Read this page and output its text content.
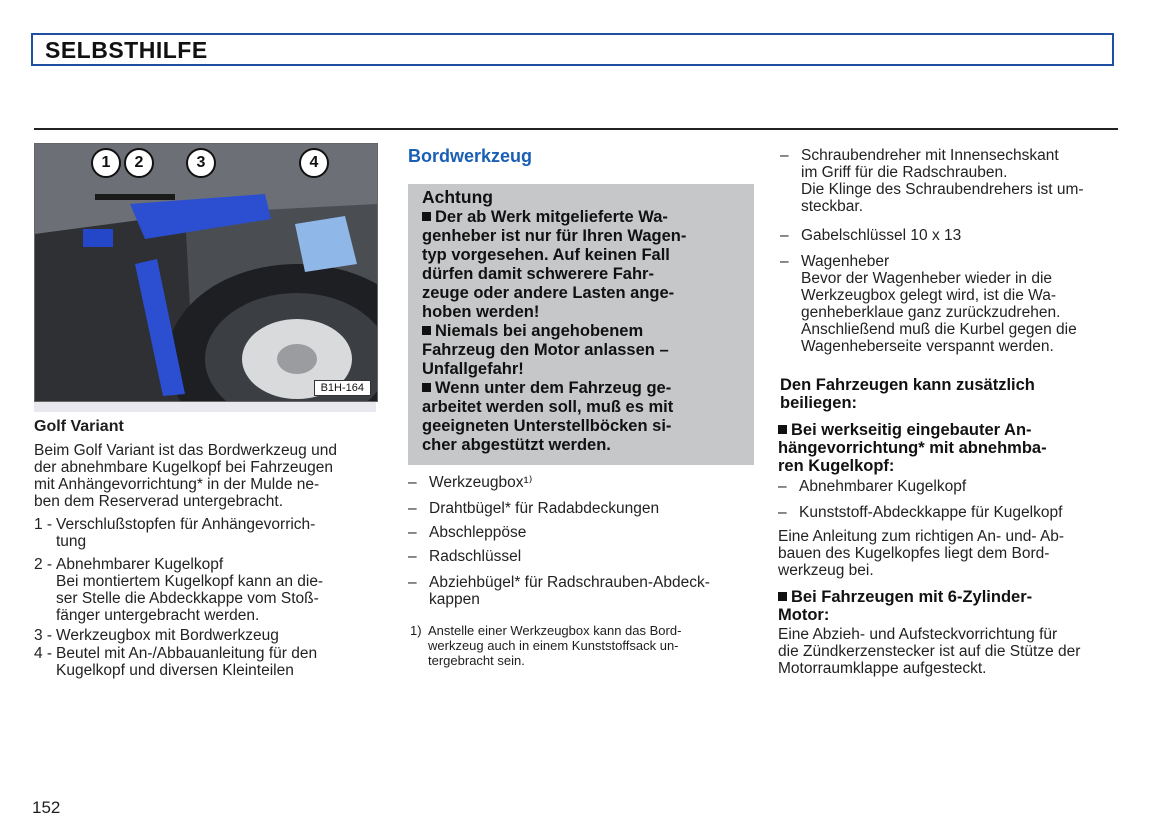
SELBSTHILFE
1	2	3	4
B1H-164
Golf Variant
Beim Golf Variant ist das Bordwerkzeug und
der abnehmbare Kugelkopf bei Fahrzeugen
mit Anhängevorrichtung* in der Mulde ne-
ben dem Reserverad untergebracht.
1 - Verschlußstopfen für Anhängevorrich-
tung
2 - Abnehmbarer Kugelkopf
Bei montiertem Kugelkopf kann an die-
ser Stelle die Abdeckkappe vom Stoß-
fänger untergebracht werden.
3 - Werkzeugbox mit Bordwerkzeug
4 - Beutel mit An-/Abbauanleitung für den
Kugelkopf und diversen Kleinteilen
Bordwerkzeug
Achtung
Der ab Werk mitgelieferte Wa-
genheber ist nur für Ihren Wagen-
typ vorgesehen. Auf keinen Fall
dürfen damit schwerere Fahr-
zeuge oder andere Lasten ange-
hoben werden!
Niemals bei angehobenem
Fahrzeug den Motor anlassen –
Unfallgefahr!
Wenn unter dem Fahrzeug ge-
arbeitet werden soll, muß es mit
geeigneten Unterstellböcken si-
cher abgestützt werden.
– Werkzeugbox¹⁾
– Drahtbügel* für Radabdeckungen
– Abschleppöse
– Radschlüssel
– Abziehbügel* für Radschrauben-Abdeck-
kappen
1) Anstelle einer Werkzeugbox kann das Bord-
werkzeug auch in einem Kunststoffsack un-
tergebracht sein.
– Schraubendreher mit Innensechskant
im Griff für die Radschrauben.
Die Klinge des Schraubendrehers ist um-
steckbar.
– Gabelschlüssel 10 x 13
– Wagenheber
Bevor der Wagenheber wieder in die
Werkzeugbox gelegt wird, ist die Wa-
genheberklaue ganz zurückzudrehen.
Anschließend muß die Kurbel gegen die
Wagenheberseite verspannt werden.
Den Fahrzeugen kann zusätzlich
beiliegen:
Bei werkseitig eingebauter An-
hängevorrichtung* mit abnehmba-
ren Kugelkopf:
– Abnehmbarer Kugelkopf
– Kunststoff-Abdeckkappe für Kugelkopf
Eine Anleitung zum richtigen An- und- Ab-
bauen des Kugelkopfes liegt dem Bord-
werkzeug bei.
Bei Fahrzeugen mit 6-Zylinder-
Motor:
Eine Abzieh- und Aufsteckvorrichtung für
die Zündkerzenstecker ist auf die Stütze der
Motorraumklappe aufgesteckt.
152
